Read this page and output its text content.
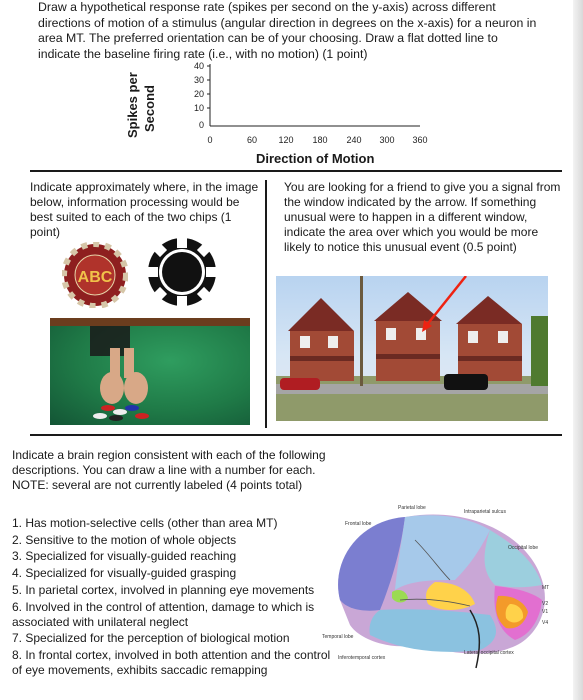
Draw a hypothetical response rate (spikes per second on the y-axis) across different directions of motion of a stimulus (angular direction in degrees on the x-axis) for a neuron in area MT. The preferred orientation can be of your choosing. Draw a flat dotted line to indicate the baseline firing rate (i.e., with no motion) (1 point)
Spikes per Second
40
30
20
10
0
0	60 120 180 240 300 360
Direction of Motion
Indicate approximately where, in the image below, information processing would be best suited to each of the two chips (1 point)
ABC
You are looking for a friend to give you a signal from the window indicated by the arrow. If something unusual were to happen in a different window, indicate the area over which you would be more likely to notice this unusual event (0.5 point)
Indicate a brain region consistent with each of the following descriptions. You can draw a line with a number for each. NOTE: several are not currently labeled (4 points total)
1. Has motion-selective cells (other than area MT)
2. Sensitive to the motion of whole objects
3. Specialized for visually-guided reaching
4. Specialized for visually-guided grasping
5. In parietal cortex, involved in planning eye movements
6. Involved in the control of attention, damage to which is associated with unilateral neglect
7. Specialized for the perception of biological motion
8. In frontal cortex, involved in both attention and the control of eye movements, exhibits saccadic remapping
Parietal lobe
Intraparietal sulcus
Frontal lobe
Occipital lobe
MT
V2
V1
V4
Temporal lobe
Inferotemporal cortex
Lateral occipital cortex
